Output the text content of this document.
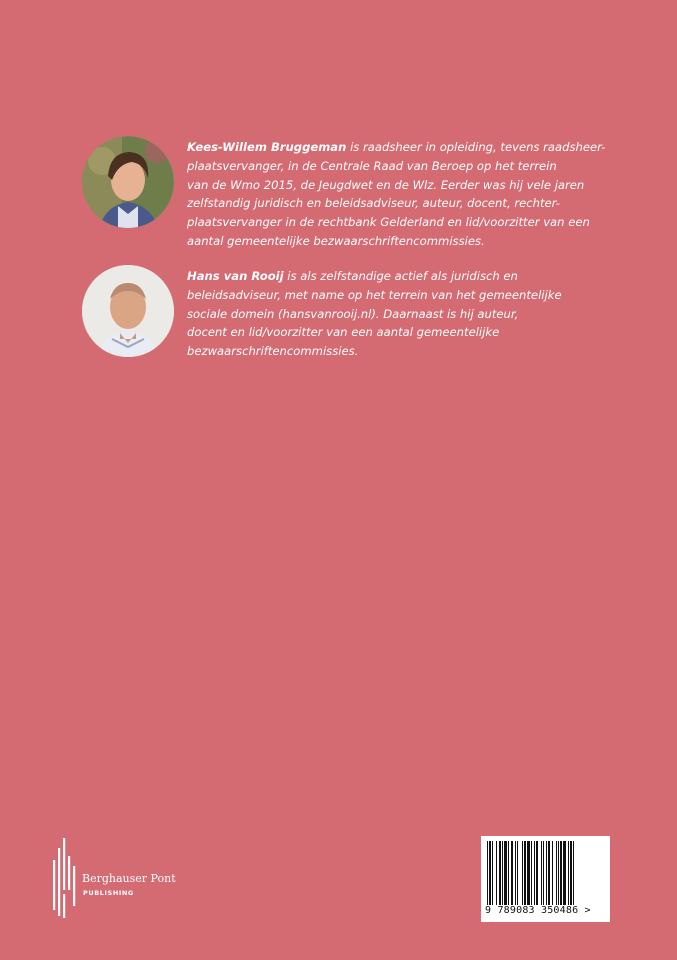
Kees-Willem Bruggeman is raadsheer in opleiding, tevens raadsheer-
plaatsvervanger, in de Centrale Raad van Beroep op het terrein
van de Wmo 2015, de Jeugdwet en de Wlz. Eerder was hij vele jaren
zelfstandig juridisch en beleidsadviseur, auteur, docent, rechter-
plaatsvervanger in de rechtbank Gelderland en lid/voorzitter van een
aantal gemeentelijke bezwaarschriftencommissies.
Hans van Rooij is als zelfstandige actief als juridisch en
beleidsadviseur, met name op het terrein van het gemeentelijke
sociale domein (hansvanrooij.nl). Daarnaast is hij auteur,
docent en lid/voorzitter van een aantal gemeentelijke
bezwaarschriftencommissies.
Berghauser Pont
PUBLISHING
9 789083 350486 >
